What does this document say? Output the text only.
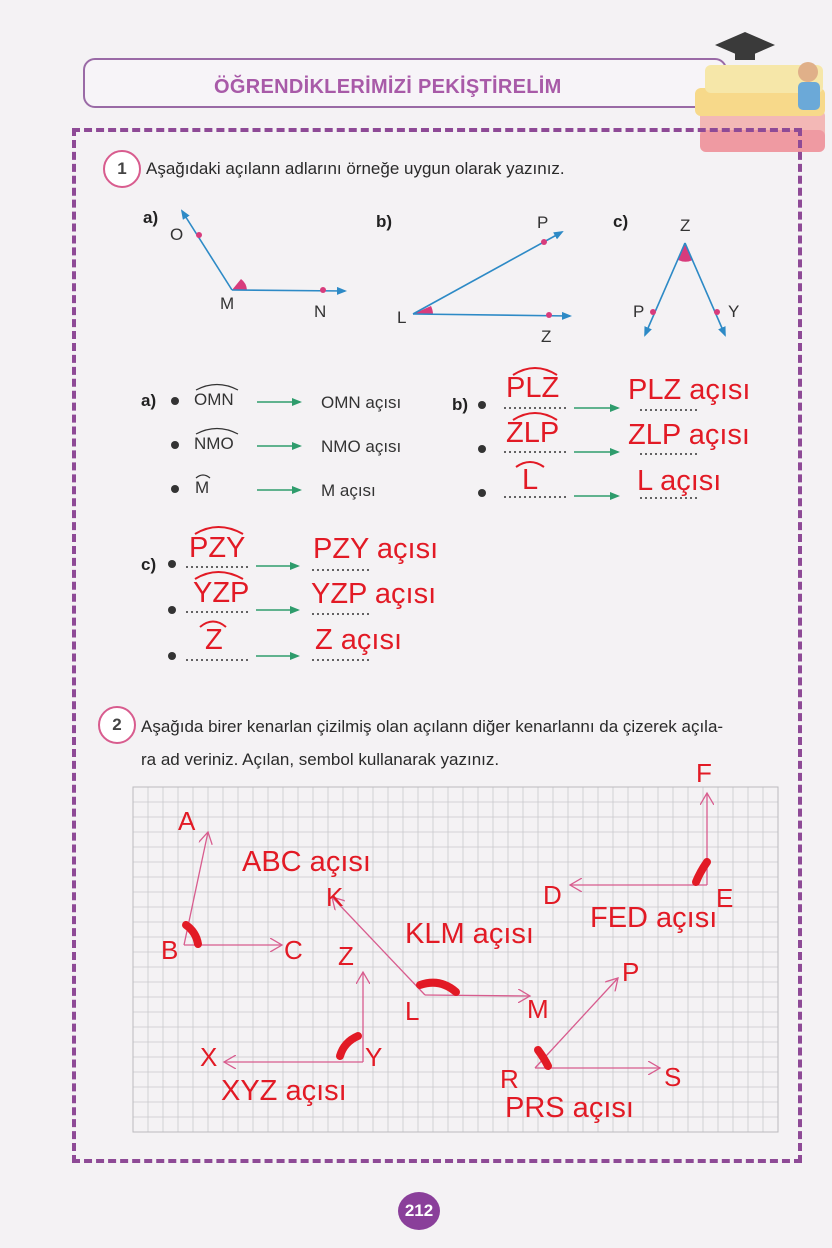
ÖĞRENDİKLERİMİZİ PEKİŞTİRELİM
1	Aşağıdaki açılann adlarını örneğe uygun olarak yazınız.
a)
O
M	N
b)	P
L
Z
c)	Z
P	Y
a) OMN	OMN açısı
NMO	NMO açısı
M	M açısı
b)
PLZ PLZ açısı
ZLP ZLP açısı
L	L açısı
c)
PZY PZY açısı
YZP YZP açısı
Z	Z açısı
2	Aşağıda birer kenarlan çizilmiş olan açılann diğer kenarlannı da çizerek açıla-
ra ad veriniz. Açılan, sembol kullanarak yazınız.
A
B	C
ABC açısı
K
L	M
KLM açısı
F
E
D
FED açısı
Z
Y
X
XYZ açısı
P
R	S
PRS açısı
212
